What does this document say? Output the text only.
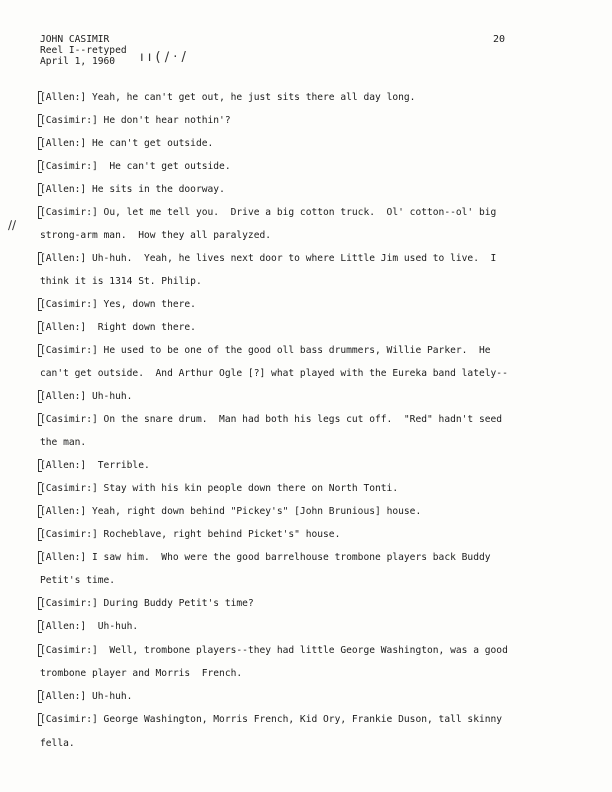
JOHN CASIMIR
Reel I--retyped
April 1, 1960
20
ı ı ( ∕ · /
∕∕
[Allen:] Yeah, he can't get out, he just sits there all day long.
[Casimir:] He don't hear nothin'?
[Allen:] He can't get outside.
[Casimir:]  He can't get outside.
[Allen:] He sits in the doorway.
[Casimir:] Ou, let me tell you.  Drive a big cotton truck.  Ol' cotton--ol' big
strong-arm man.  How they all paralyzed.
[Allen:] Uh-huh.  Yeah, he lives next door to where Little Jim used to live.  I
think it is 1314 St. Philip.
[Casimir:] Yes, down there.
[Allen:]  Right down there.
[Casimir:] He used to be one of the good oll bass drummers, Willie Parker.  He
can't get outside.  And Arthur Ogle [?] what played with the Eureka band lately--
[Allen:] Uh-huh.
[Casimir:] On the snare drum.  Man had both his legs cut off.  "Red" hadn't seed
the man.
[Allen:]  Terrible.
[Casimir:] Stay with his kin people down there on North Tonti.
[Allen:] Yeah, right down behind "Pickey's" [John Brunious] house.
[Casimir:] Rocheblave, right behind Picket's" house.
[Allen:] I saw him.  Who were the good barrelhouse trombone players back Buddy
Petit's time.
[Casimir:] During Buddy Petit's time?
[Allen:]  Uh-huh.
[Casimir:]  Well, trombone players--they had little George Washington, was a good
trombone player and Morris  French.
[Allen:] Uh-huh.
[Casimir:] George Washington, Morris French, Kid Ory, Frankie Duson, tall skinny
fella.
